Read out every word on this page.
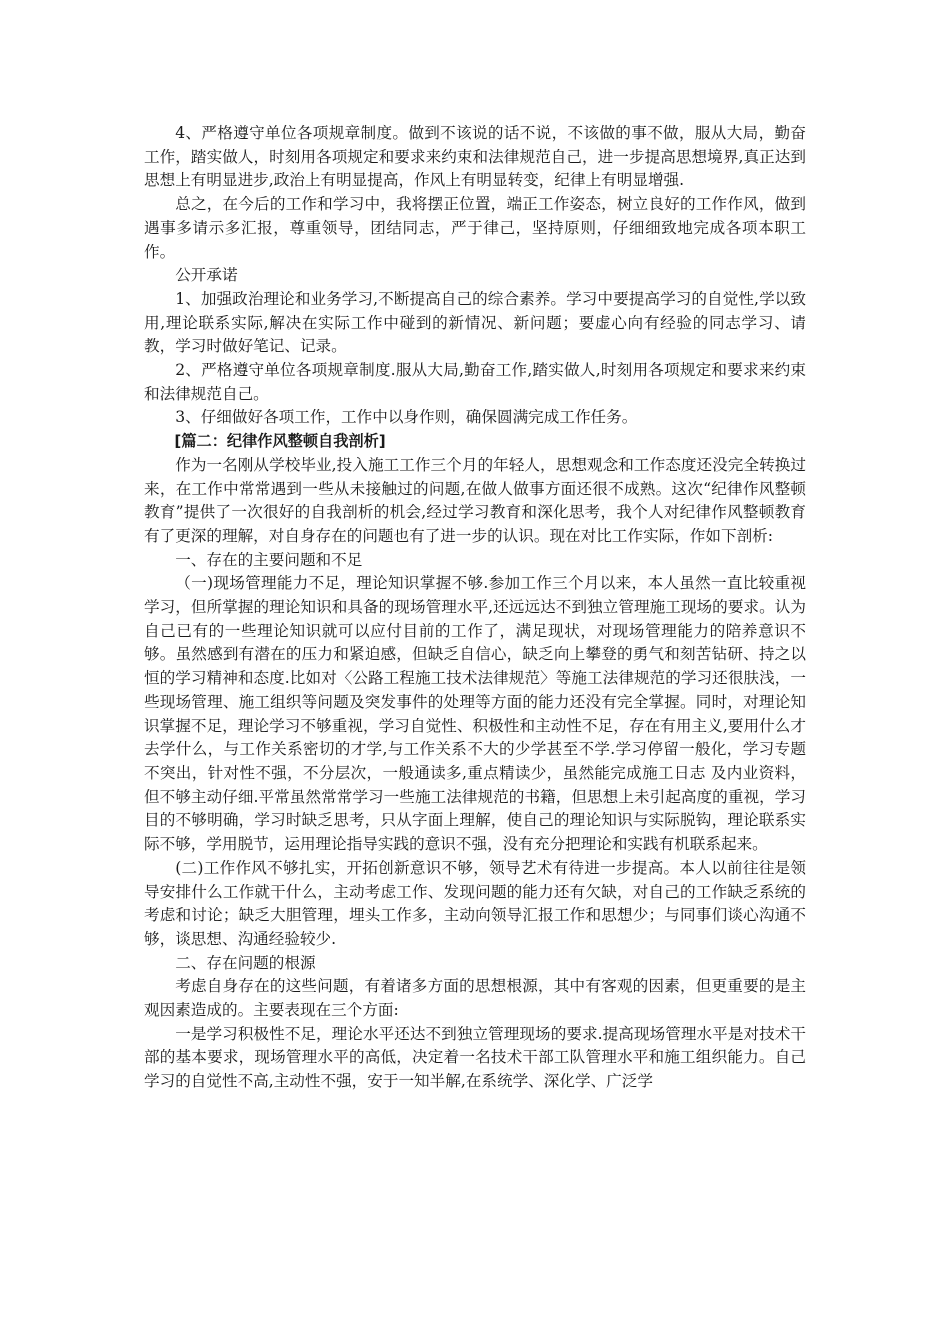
4、严格遵守单位各项规章制度。做到不该说的话不说，不该做的事不做，服从大局，勤奋工作，踏实做人，时刻用各项规定和要求来约束和法律规范自己，进一步提高思想境界,真正达到思想上有明显进步,政治上有明显提高，作风上有明显转变，纪律上有明显增强.

总之，在今后的工作和学习中，我将摆正位置，端正工作姿态，树立良好的工作作风，做到遇事多请示多汇报，尊重领导，团结同志，严于律己，坚持原则，仔细细致地完成各项本职工作。

公开承诺

1、加强政治理论和业务学习,不断提高自己的综合素养。学习中要提高学习的自觉性,学以致用,理论联系实际,解决在实际工作中碰到的新情况、新问题；要虚心向有经验的同志学习、请教，学习时做好笔记、记录。

2、严格遵守单位各项规章制度.服从大局,勤奋工作,踏实做人,时刻用各项规定和要求来约束和法律规范自己。

3、仔细做好各项工作，工作中以身作则，确保圆满完成工作任务。

[篇二：纪律作风整顿自我剖析]

作为一名刚从学校毕业,投入施工工作三个月的年轻人，思想观念和工作态度还没完全转换过来，在工作中常常遇到一些从未接触过的问题,在做人做事方面还很不成熟。这次“纪律作风整顿教育”提供了一次很好的自我剖析的机会,经过学习教育和深化思考，我个人对纪律作风整顿教育有了更深的理解，对自身存在的问题也有了进一步的认识。现在对比工作实际，作如下剖析:

一、存在的主要问题和不足

（一)现场管理能力不足，理论知识掌握不够.参加工作三个月以来，本人虽然一直比较重视学习，但所掌握的理论知识和具备的现场管理水平,还远远达不到独立管理施工现场的要求。认为自己已有的一些理论知识就可以应付目前的工作了，满足现状，对现场管理能力的陪养意识不够。虽然感到有潜在的压力和紧迫感，但缺乏自信心，缺乏向上攀登的勇气和刻苦钻研、持之以恒的学习精神和态度.比如对〈公路工程施工技术法律规范〉等施工法律规范的学习还很肤浅，一些现场管理、施工组织等问题及突发事件的处理等方面的能力还没有完全掌握。同时，对理论知识掌握不足，理论学习不够重视，学习自觉性、积极性和主动性不足，存在有用主义,要用什么才去学什么，与工作关系密切的才学,与工作关系不大的少学甚至不学.学习停留一般化，学习专题不突出，针对性不强，不分层次，一般通读多,重点精读少，虽然能完成施工日志 及内业资料，但不够主动仔细.平常虽然常常学习一些施工法律规范的书籍，但思想上未引起高度的重视，学习目的不够明确，学习时缺乏思考，只从字面上理解，使自己的理论知识与实际脱钩，理论联系实际不够，学用脱节，运用理论指导实践的意识不强，没有充分把理论和实践有机联系起来。

(二)工作作风不够扎实，开拓创新意识不够，领导艺术有待进一步提高。本人以前往往是领导安排什么工作就干什么，主动考虑工作、发现问题的能力还有欠缺，对自己的工作缺乏系统的考虑和讨论；缺乏大胆管理，埋头工作多，主动向领导汇报工作和思想少；与同事们谈心沟通不够，谈思想、沟通经验较少.

二、存在问题的根源

考虑自身存在的这些问题，有着诸多方面的思想根源，其中有客观的因素，但更重要的是主观因素造成的。主要表现在三个方面:

一是学习积极性不足，理论水平还达不到独立管理现场的要求.提高现场管理水平是对技术干部的基本要求，现场管理水平的高低，决定着一名技术干部工队管理水平和施工组织能力。自己学习的自觉性不高,主动性不强，安于一知半解,在系统学、深化学、广泛学
